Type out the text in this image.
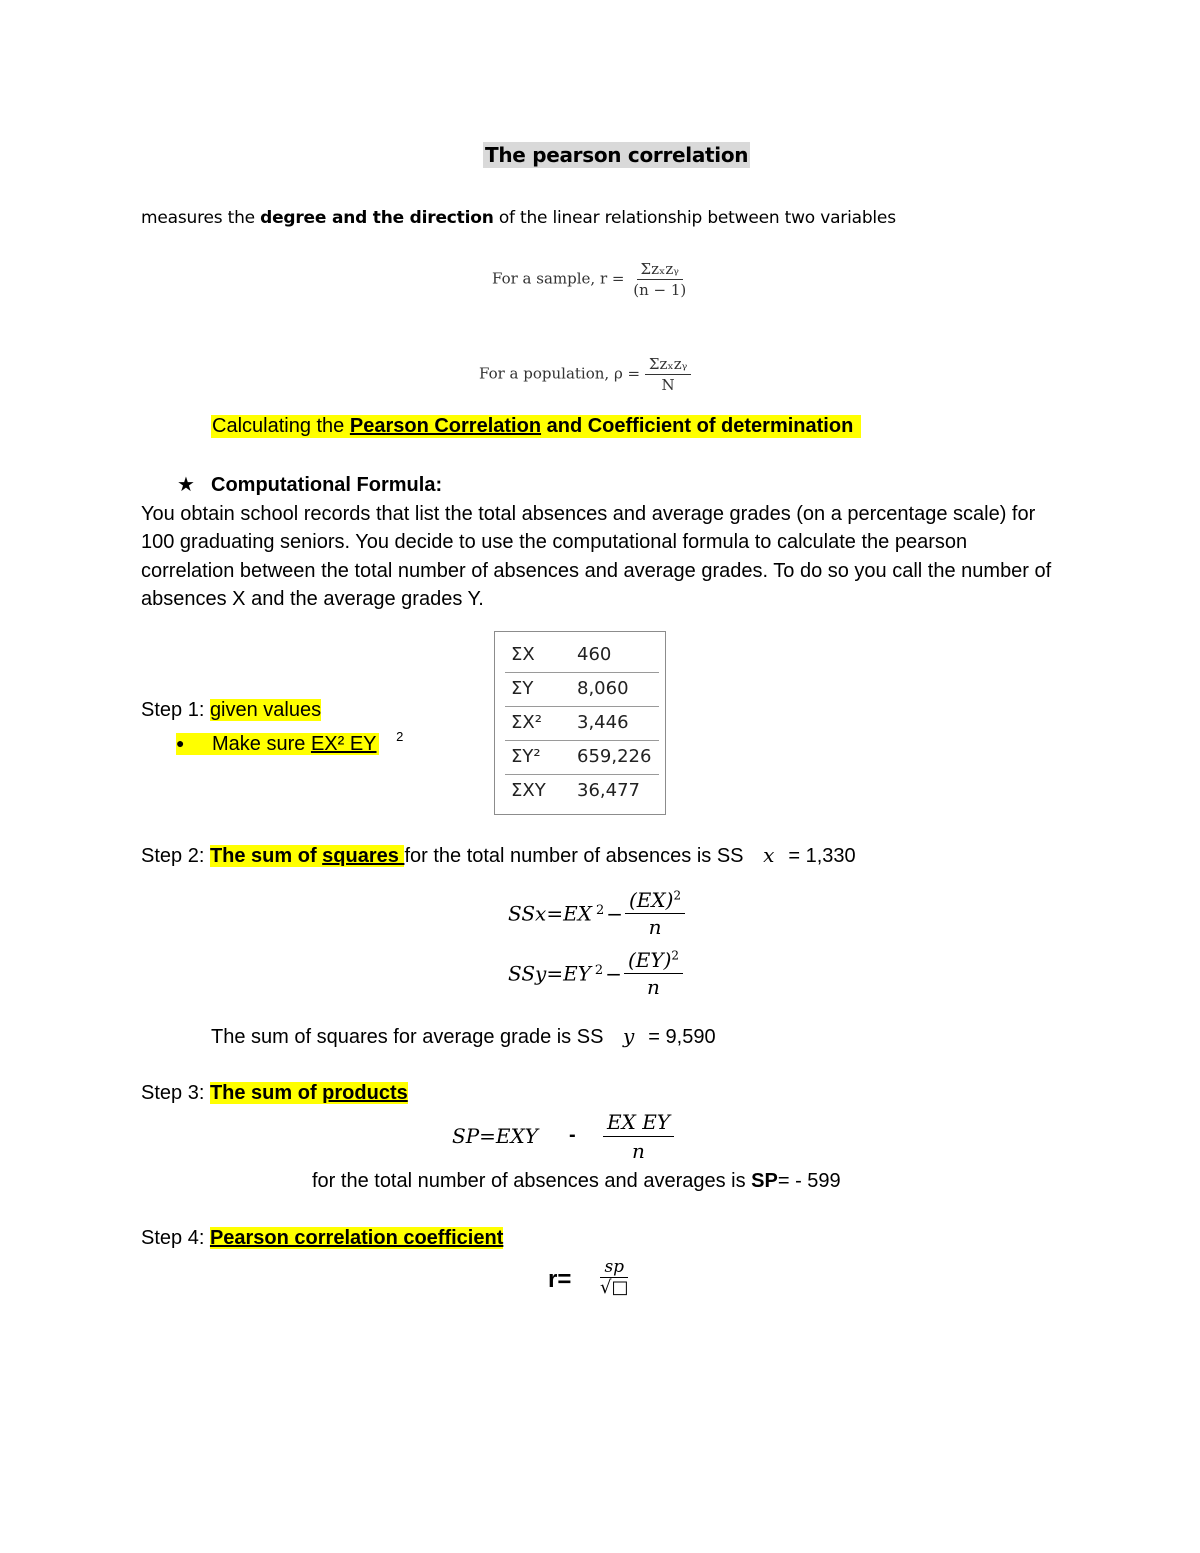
The pearson correlation
measures the degree and the direction of the linear relationship between two variables
For a sample, $r = \frac{\text{Σzₓzᵧ}}{(n - 1)}$
For a population, $\rho = \frac{\text{Σzₓzᵧ}}{N}$
Calculating the Pearson Correlation and Coefficient of determination
★ Computational Formula:
You obtain school records that list the total absences and average grades (on a percentage scale) for 100 graduating seniors. You decide to use the computational formula to calculate the pearson correlation between the total number of absences and average grades. To do so you call the number of absences X and the average grades Y.
ΣX 460
ΣY 8,060
ΣX² 3,446
ΣY² 659,226
ΣXY 36,477
Step 1: given values
● Make sure EX² EY $^2$
Step 2: The sum of squares for the total number of absences is SS x = 1,330
SSx=EX $^2 - \frac{(EX)^2}{n}$
SSy=EY $^2 - \frac{(EY)^2}{n}$
The sum of squares for average grade is SS y = 9,590
Step 3: The sum of products
$SP=EXY - \frac{\text{EX EY}}{n}$
for the total number of absences and averages is SP= - 599
Step 4: Pearson correlation coefficient
r= sp
√□
